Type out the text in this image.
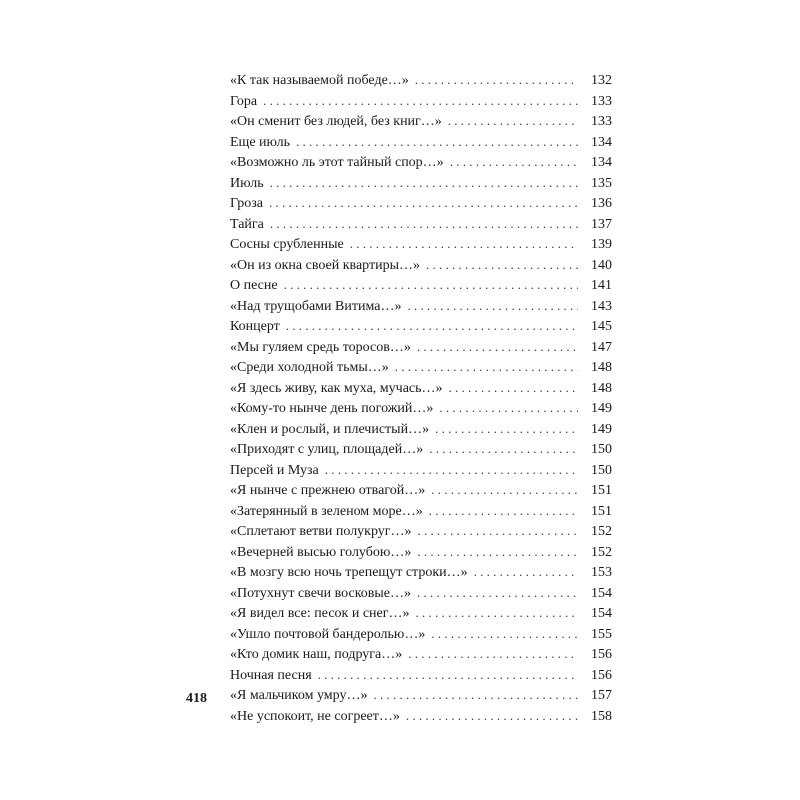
«К так называемой победе…» . . .	132
Гора . . .	133
«Он сменит без людей, без книг…» . . .	133
Еще июль . . .	134
«Возможно ль этот тайный спор…» . . .	134
Июль . . .	135
Гроза . . .	136
Тайга . . .	137
Сосны срубленные . . .	139
«Он из окна своей квартиры…» . . .	140
О песне . . .	141
«Над трущобами Витима…» . . .	143
Концерт . . .	145
«Мы гуляем средь торосов…» . . .	147
«Среди холодной тьмы…» . . .	148
«Я здесь живу, как муха, мучась…» . . .	148
«Кому-то нынче день погожий…» . . .	149
«Клен и рослый, и плечистый…» . . .	149
«Приходят с улиц, площадей…» . . .	150
Персей и Муза . . .	150
«Я нынче с прежнею отвагой…» . . .	151
«Затерянный в зеленом море…» . . .	151
«Сплетают ветви полукруг…» . . .	152
«Вечерней высью голубою…» . . .	152
«В мозгу всю ночь трепещут строки…» . . .	153
«Потухнут свечи восковые…» . . .	154
«Я видел все: песок и снег…» . . .	154
«Ушло почтовой бандеролью…» . . .	155
«Кто домик наш, подруга…» . . .	156
Ночная песня . . .	156
«Я мальчиком умру…» . . .	157
«Не успокоит, не согреет…» . . .	158
418
